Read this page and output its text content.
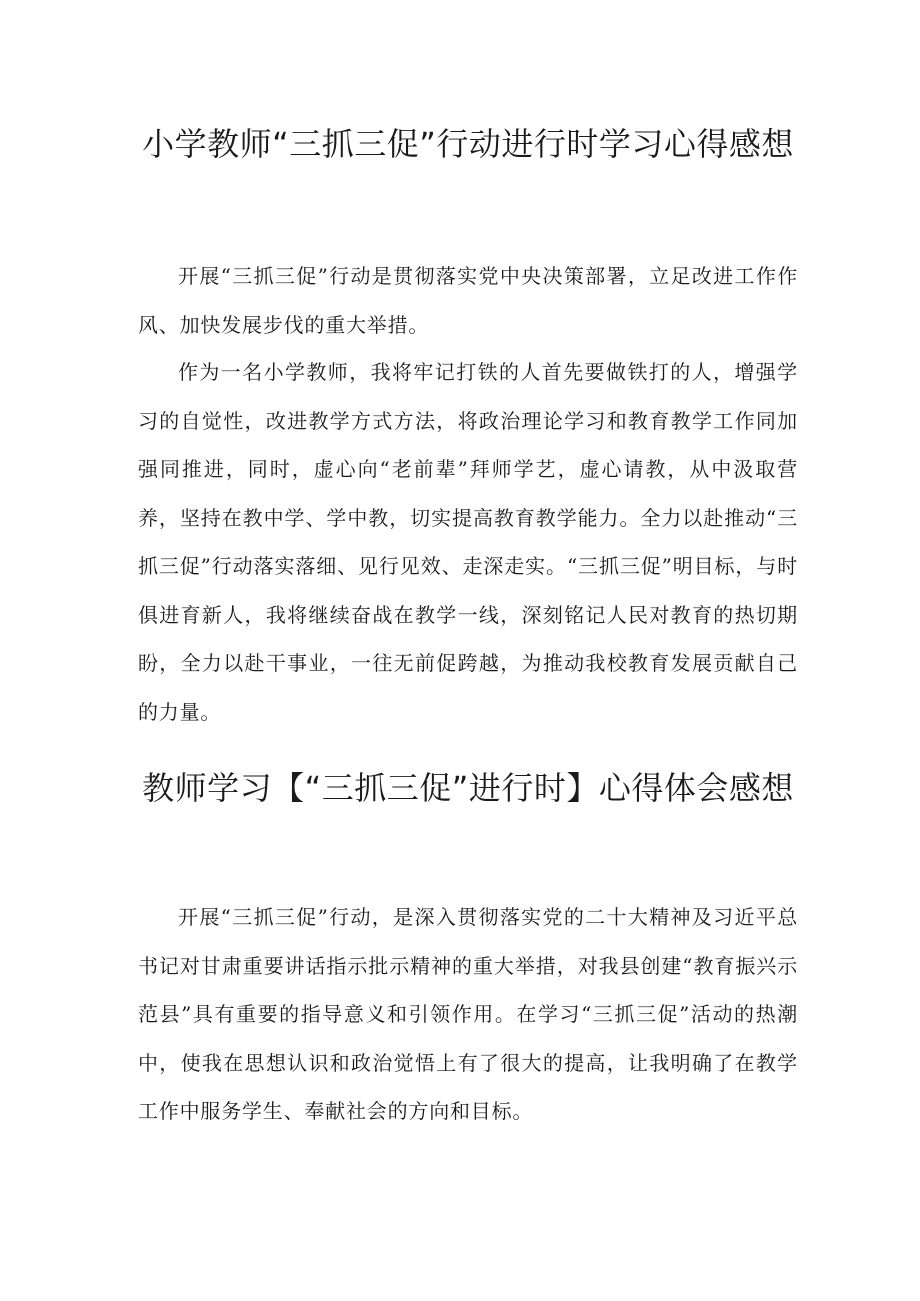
小学教师“三抓三促”行动进行时学习心得感想

开展“三抓三促”行动是贯彻落实党中央决策部署，立足改进工作作风、加快发展步伐的重大举措。

作为一名小学教师，我将牢记打铁的人首先要做铁打的人，增强学习的自觉性，改进教学方式方法，将政治理论学习和教育教学工作同加强同推进，同时，虚心向“老前辈”拜师学艺，虚心请教，从中汲取营养，坚持在教中学、学中教，切实提高教育教学能力。全力以赴推动“三抓三促”行动落实落细、见行见效、走深走实。“三抓三促”明目标，与时俱进育新人，我将继续奋战在教学一线，深刻铭记人民对教育的热切期盼，全力以赴干事业，一往无前促跨越，为推动我校教育发展贡献自己的力量。

教师学习【“三抓三促”进行时】心得体会感想

开展“三抓三促”行动，是深入贯彻落实党的二十大精神及习近平总书记对甘肃重要讲话指示批示精神的重大举措，对我县创建“教育振兴示范县”具有重要的指导意义和引领作用。在学习“三抓三促”活动的热潮中，使我在思想认识和政治觉悟上有了很大的提高，让我明确了在教学工作中服务学生、奉献社会的方向和目标。
